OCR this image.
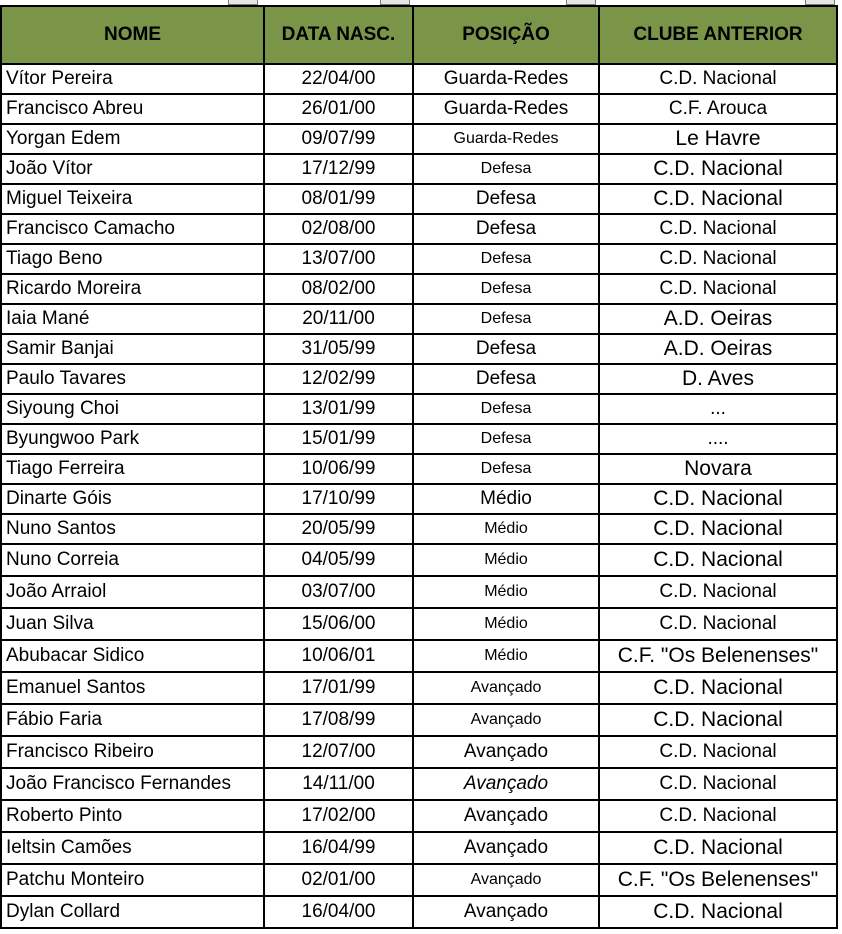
NOME	DATA NASC.	POSIÇÃO	CLUBE ANTERIOR
Vítor Pereira	22/04/00	Guarda-Redes	C.D. Nacional
Francisco Abreu	26/01/00	Guarda-Redes	C.F. Arouca
Yorgan Edem	09/07/99	Guarda-Redes	Le Havre
João Vítor	17/12/99	Defesa	C.D. Nacional
Miguel Teixeira	08/01/99	Defesa	C.D. Nacional
Francisco Camacho	02/08/00	Defesa	C.D. Nacional
Tiago Beno	13/07/00	Defesa	C.D. Nacional
Ricardo Moreira	08/02/00	Defesa	C.D. Nacional
Iaia Mané	20/11/00	Defesa	A.D. Oeiras
Samir Banjai	31/05/99	Defesa	A.D. Oeiras
Paulo Tavares	12/02/99	Defesa	D. Aves
Siyoung Choi	13/01/99	Defesa	...
Byungwoo Park	15/01/99	Defesa	....
Tiago Ferreira	10/06/99	Defesa	Novara
Dinarte Góis	17/10/99	Médio	C.D. Nacional
Nuno Santos	20/05/99	Médio	C.D. Nacional
Nuno Correia	04/05/99	Médio	C.D. Nacional
João Arraiol	03/07/00	Médio	C.D. Nacional
Juan Silva	15/06/00	Médio	C.D. Nacional
Abubacar Sidico	10/06/01	Médio	C.F. "Os Belenenses"
Emanuel Santos	17/01/99	Avançado	C.D. Nacional
Fábio Faria	17/08/99	Avançado	C.D. Nacional
Francisco Ribeiro	12/07/00	Avançado	C.D. Nacional
João Francisco Fernandes	14/11/00	Avançado	C.D. Nacional
Roberto Pinto	17/02/00	Avançado	C.D. Nacional
Ieltsin Camões	16/04/99	Avançado	C.D. Nacional
Patchu Monteiro	02/01/00	Avançado	C.F. "Os Belenenses"
Dylan Collard	16/04/00	Avançado	C.D. Nacional
